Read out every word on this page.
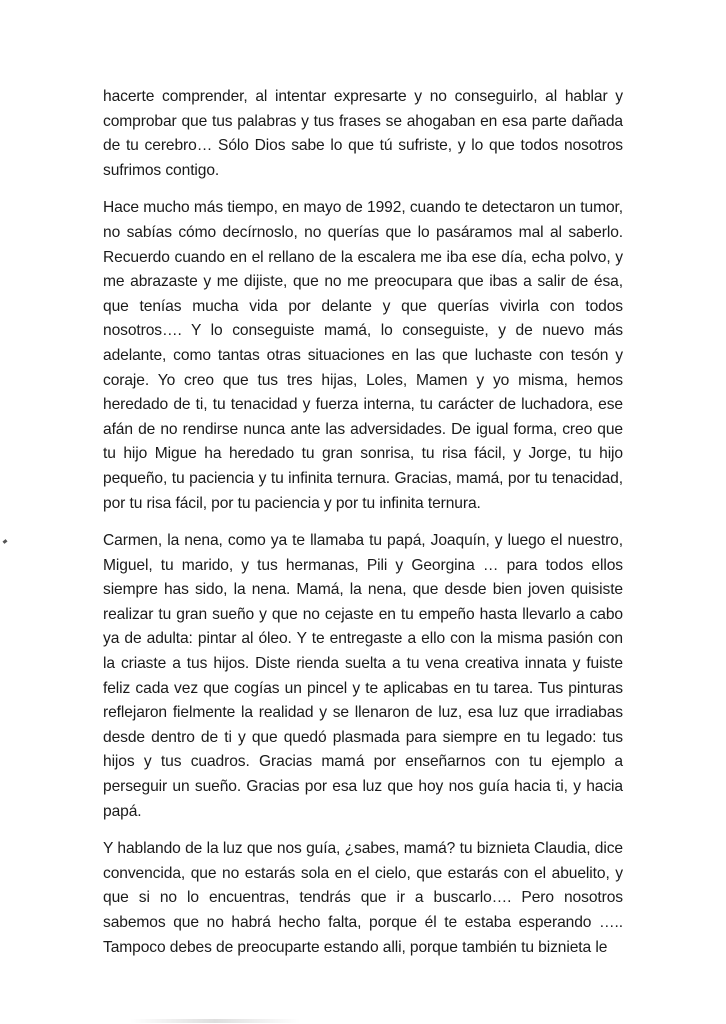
hacerte comprender, al intentar expresarte y no conseguirlo, al hablar y comprobar que tus palabras y tus frases se ahogaban en esa parte dañada de tu cerebro… Sólo Dios sabe lo que tú sufriste, y lo que todos nosotros sufrimos contigo.

Hace mucho más tiempo, en mayo de 1992, cuando te detectaron un tumor, no sabías cómo decírnoslo, no querías que lo pasáramos mal al saberlo. Recuerdo cuando en el rellano de la escalera me iba ese día, echa polvo, y me abrazaste y me dijiste, que no me preocupara que ibas a salir de ésa, que tenías mucha vida por delante y que querías vivirla con todos nosotros…. Y lo conseguiste mamá, lo conseguiste, y de nuevo más adelante, como tantas otras situaciones en las que luchaste con tesón y coraje. Yo creo que tus tres hijas, Loles, Mamen y yo misma, hemos heredado de ti, tu tenacidad y fuerza interna, tu carácter de luchadora, ese afán de no rendirse nunca ante las adversidades. De igual forma, creo que tu hijo Migue ha heredado tu gran sonrisa, tu risa fácil, y Jorge, tu hijo pequeño, tu paciencia y tu infinita ternura. Gracias, mamá, por tu tenacidad, por tu risa fácil, por tu paciencia y por tu infinita ternura.

Carmen, la nena, como ya te llamaba tu papá, Joaquín, y luego el nuestro, Miguel, tu marido, y tus hermanas, Pili y Georgina … para todos ellos siempre has sido, la nena. Mamá, la nena, que desde bien joven quisiste realizar tu gran sueño y que no cejaste en tu empeño hasta llevarlo a cabo ya de adulta: pintar al óleo. Y te entregaste a ello con la misma pasión con la criaste a tus hijos. Diste rienda suelta a tu vena creativa innata y fuiste feliz cada vez que cogías un pincel y te aplicabas en tu tarea. Tus pinturas reflejaron fielmente la realidad y se llenaron de luz, esa luz que irradiabas desde dentro de ti y que quedó plasmada para siempre en tu legado: tus hijos y tus cuadros. Gracias mamá por enseñarnos con tu ejemplo a perseguir un sueño. Gracias por esa luz que hoy nos guía hacia ti, y hacia papá.

Y hablando de la luz que nos guía, ¿sabes, mamá? tu biznieta Claudia, dice convencida, que no estarás sola en el cielo, que estarás con el abuelito, y que si no lo encuentras, tendrás que ir a buscarlo…. Pero nosotros sabemos que no habrá hecho falta, porque él te estaba esperando ….. Tampoco debes de preocuparte estando alli, porque también tu biznieta le
